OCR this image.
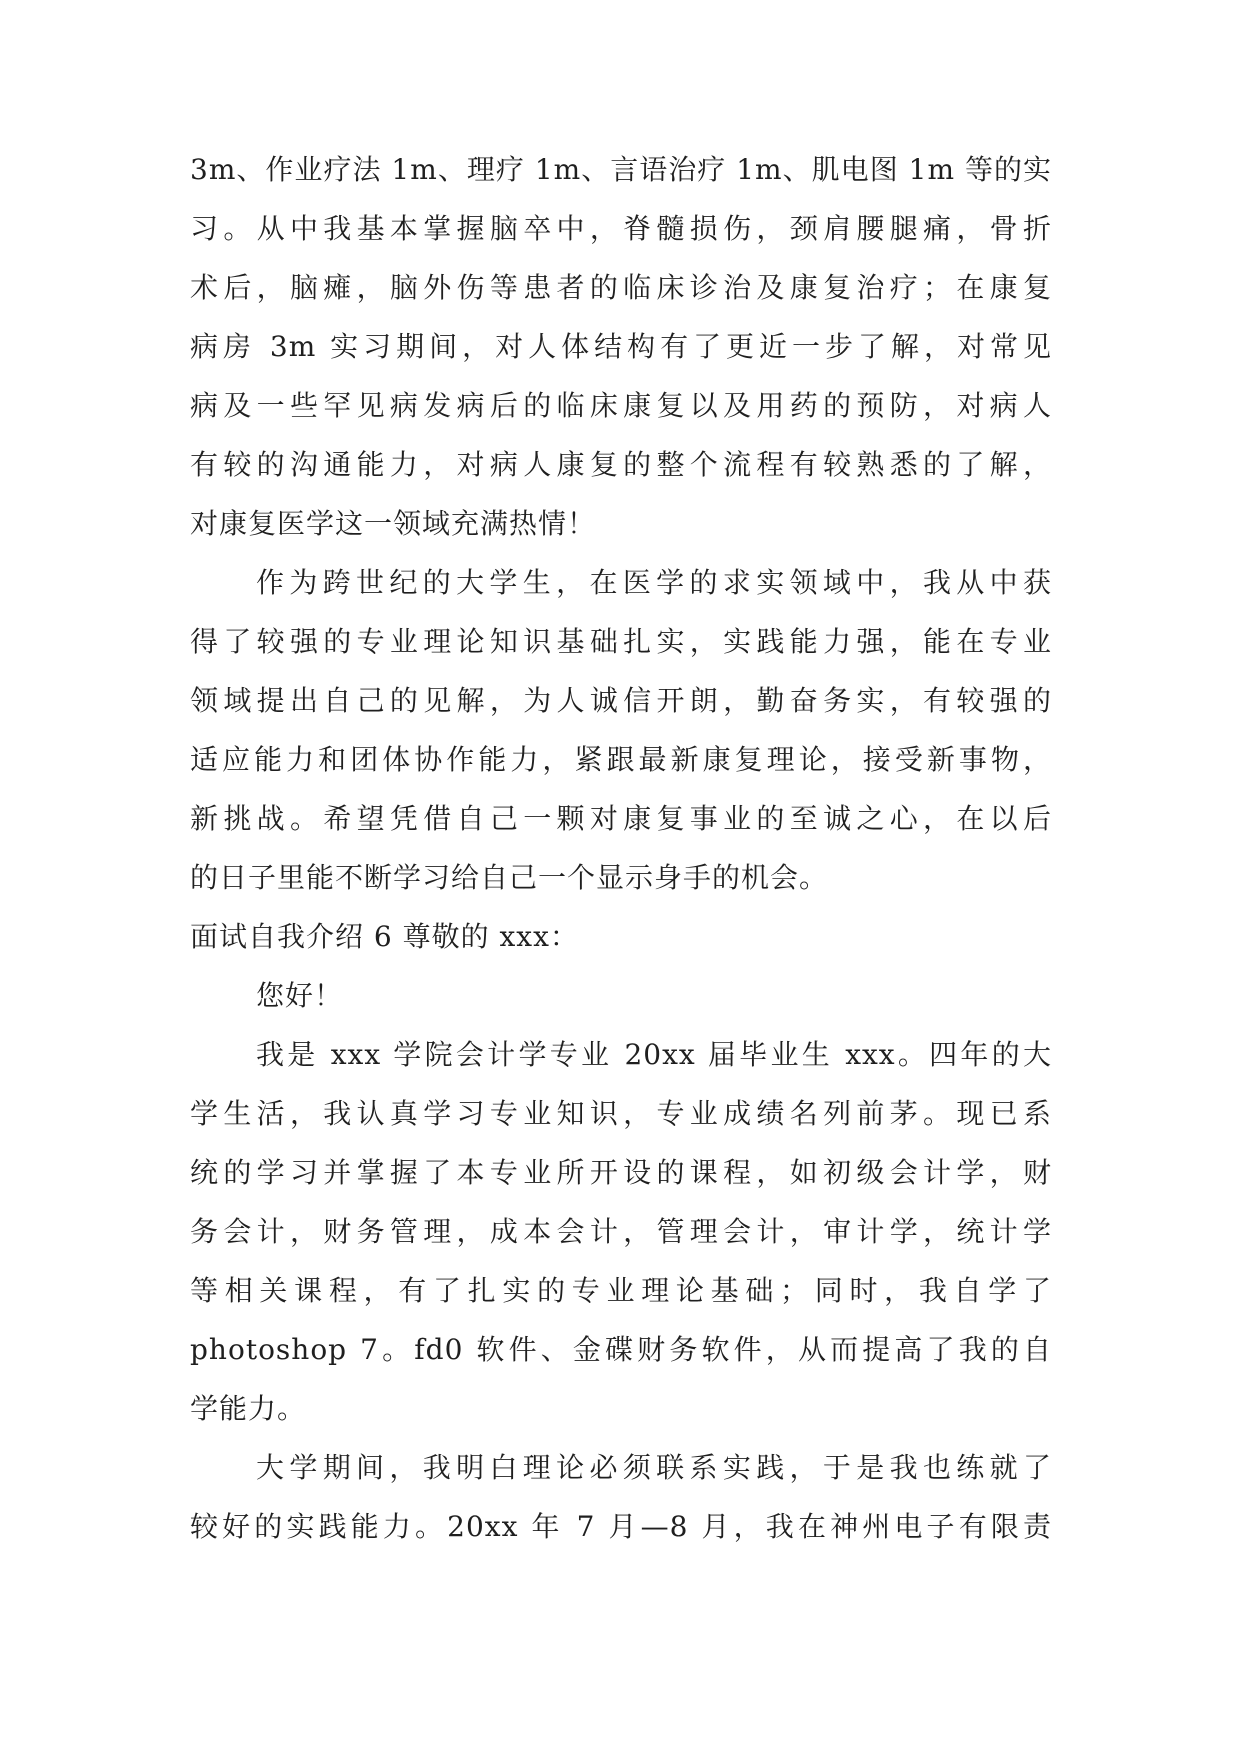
3m、作业疗法 1m、理疗 1m、言语治疗 1m、肌电图 1m 等的实
习。从中我基本掌握脑卒中，脊髓损伤，颈肩腰腿痛，骨折
术后，脑瘫，脑外伤等患者的临床诊治及康复治疗；在康复
病房 3m 实习期间，对人体结构有了更近一步了解，对常见
病及一些罕见病发病后的临床康复以及用药的预防，对病人
有较的沟通能力，对病人康复的整个流程有较熟悉的了解，
对康复医学这一领域充满热情！
作为跨世纪的大学生，在医学的求实领域中，我从中获
得了较强的专业理论知识基础扎实，实践能力强，能在专业
领域提出自己的见解，为人诚信开朗，勤奋务实，有较强的
适应能力和团体协作能力，紧跟最新康复理论，接受新事物，
新挑战。希望凭借自己一颗对康复事业的至诚之心，在以后
的日子里能不断学习给自己一个显示身手的机会。
面试自我介绍 6 尊敬的 xxx：
您好！
我是 xxx 学院会计学专业 20xx 届毕业生 xxx。四年的大
学生活，我认真学习专业知识，专业成绩名列前茅。现已系
统的学习并掌握了本专业所开设的课程，如初级会计学，财
务会计，财务管理，成本会计，管理会计，审计学，统计学
等相关课程，有了扎实的专业理论基础；同时，我自学了
photoshop 7。fd0 软件、金碟财务软件，从而提高了我的自
学能力。
大学期间，我明白理论必须联系实践，于是我也练就了
较好的实践能力。20xx 年 7 月—8 月，我在神州电子有限责
